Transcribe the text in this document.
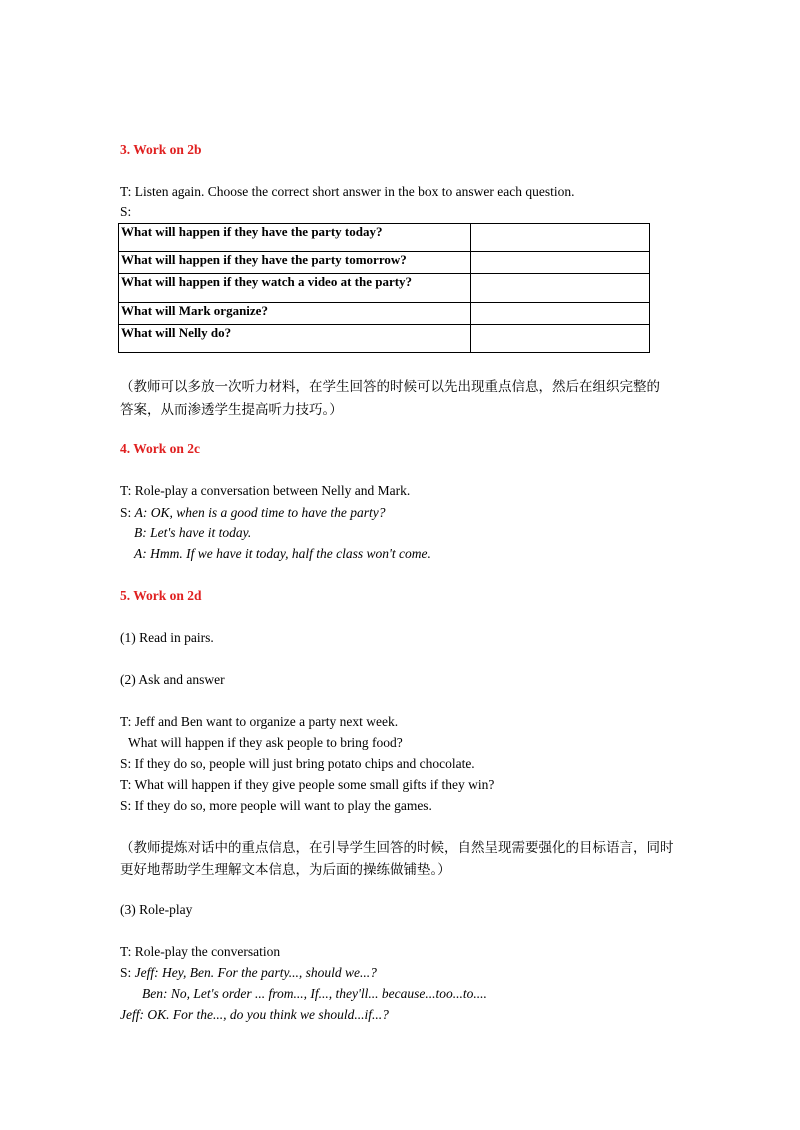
3. Work on 2b
T: Listen again. Choose the correct short answer in the box to answer each question.
S:
What will happen if they have the party today?	
What will happen if they have the party tomorrow?	
What will happen if they watch a video at the party?	
What will Mark organize?	
What will Nelly do?	
（教师可以多放一次听力材料，在学生回答的时候可以先出现重点信息，然后在组织完整的
答案，从而渗透学生提高听力技巧。）
4. Work on 2c
T: Role-play a conversation between Nelly and Mark.
S: A: OK, when is a good time to have the party?
B: Let's have it today.
A: Hmm. If we have it today, half the class won't come.
5. Work on 2d
(1) Read in pairs.
(2) Ask and answer
T: Jeff and Ben want to organize a party next week.
What will happen if they ask people to bring food?
S: If they do so, people will just bring potato chips and chocolate.
T: What will happen if they give people some small gifts if they win?
S: If they do so, more people will want to play the games.
（教师提炼对话中的重点信息，在引导学生回答的时候，自然呈现需要强化的目标语言，同时
更好地帮助学生理解文本信息，为后面的操练做铺垫。）
(3) Role-play
T: Role-play the conversation
S: Jeff: Hey, Ben. For the party..., should we...?
Ben: No, Let's order ... from..., If..., they'll... because...too...to....
Jeff: OK. For the..., do you think we should...if...?
